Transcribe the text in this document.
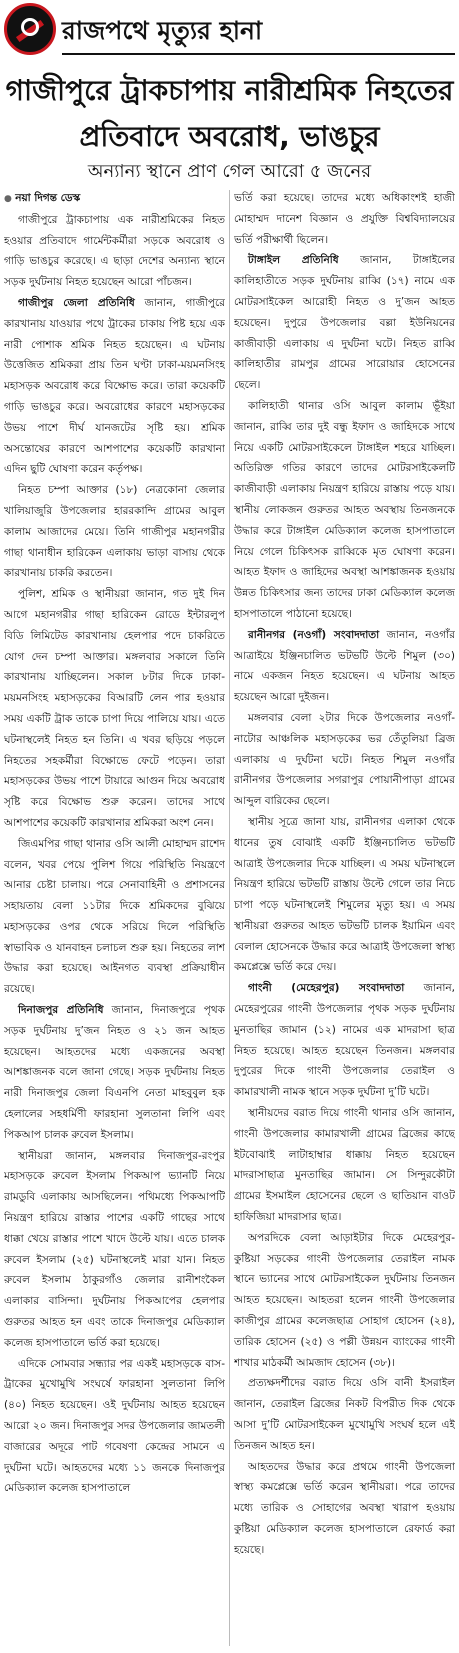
রাজপথে মৃত্যুর হানা
গাজীপুরে ট্রাকচাপায় নারীশ্রমিক নিহতের
প্রতিবাদে অবরোধ, ভাঙচুর
অন্যান্য স্থানে প্রাণ গেল আরো ৫ জনের

● নয়া দিগন্ত ডেস্ক

গাজীপুরে ট্রাকচাপায় এক নারীশ্রমিকের নিহত হওয়ার প্রতিবাদে গার্মেন্টকর্মীরা সড়কে অবরোধ ও গাড়ি ভাঙচুর করেছে। এ ছাড়া দেশের অন্যান্য স্থানে সড়ক দুর্ঘটনায় নিহত হয়েছেন আরো পাঁচজন।

গাজীপুর জেলা প্রতিনিধি জানান, গাজীপুরে কারখানায় যাওয়ার পথে ট্রাকের চাকায় পিষ্ট হয়ে এক নারী পোশাক শ্রমিক নিহত হয়েছেন। এ ঘটনায় উত্তেজিত শ্রমিকরা প্রায় তিন ঘণ্টা ঢাকা-ময়মনসিংহ মহাসড়ক অবরোধ করে বিক্ষোভ করে। তারা কয়েকটি গাড়ি ভাঙচুর করে। অবরোধের কারণে মহাসড়কের উভয় পাশে দীর্ঘ যানজটের সৃষ্টি হয়। শ্রমিক অসন্তোষের কারণে আশপাশের কয়েকটি কারখানা এদিন ছুটি ঘোষণা করেন কর্তৃপক্ষ।

নিহত চম্পা আক্তার (১৮) নেত্রকোনা জেলার খালিয়াজুরি উপজেলার হাররকান্দি গ্রামের আবুল কালাম আজাদের মেয়ে। তিনি গাজীপুর মহানগরীর গাছা থানাধীন হারিকেন এলাকায় ভাড়া বাসায় থেকে কারখানায় চাকরি করতেন।

পুলিশ, শ্রমিক ও স্থানীয়রা জানান, গত দুই দিন আগে মহানগরীর গাছা হারিকেন রোডে ইন্টারলুপ বিডি লিমিটেড কারখানায় হেলপার পদে চাকরিতে যোগ দেন চম্পা আক্তার। মঙ্গলবার সকালে তিনি কারখানায় যাচ্ছিলেন। সকাল ৮টার দিকে ঢাকা-ময়মনসিংহ মহাসড়কের বিআরটি লেন পার হওয়ার সময় একটি ট্রাক তাকে চাপা দিয়ে পালিয়ে যায়। এতে ঘটনাস্থলেই নিহত হন তিনি। এ খবর ছড়িয়ে পড়লে নিহতের সহকর্মীরা বিক্ষোভে ফেটে পড়েন। তারা মহাসড়কের উভয় পাশে টায়ারে আগুন দিয়ে অবরোধ সৃষ্টি করে বিক্ষোভ শুরু করেন। তাদের সাথে আশপাশের কয়েকটি কারখানার শ্রমিকরা অংশ নেন।

জিএমপির গাছা থানার ওসি আলী মোহাম্মদ রাশেদ বলেন, খবর পেয়ে পুলিশ গিয়ে পরিস্থিতি নিয়ন্ত্রণে আনার চেষ্টা চালায়। পরে সেনাবাহিনী ও প্রশাসনের সহায়তায় বেলা ১১টার দিকে শ্রমিকদের বুঝিয়ে মহাসড়কের ওপর থেকে সরিয়ে দিলে পরিস্থিতি স্বাভাবিক ও যানবাহন চলাচল শুরু হয়। নিহতের লাশ উদ্ধার করা হয়েছে। আইনগত ব্যবস্থা প্রক্রিয়াধীন রয়েছে।

দিনাজপুর প্রতিনিধি জানান, দিনাজপুরে পৃথক সড়ক দুর্ঘটনায় দু’জন নিহত ও ২১ জন আহত হয়েছেন। আহতদের মধ্যে একজনের অবস্থা আশঙ্কাজনক বলে জানা গেছে। সড়ক দুর্ঘটনায় নিহত নারী দিনাজপুর জেলা বিএনপি নেতা মাহবুবুল হক হেলালের সহধর্মিণী ফারহানা সুলতানা লিপি এবং পিকআপ চালক রুবেল ইসলাম।

স্থানীয়রা জানান, মঙ্গলবার দিনাজপুর-রংপুর মহাসড়কে রুবেল ইসলাম পিকআপ ভ্যানটি নিয়ে রামডুবি এলাকায় আসছিলেন। পথিমধ্যে পিকআপটি নিয়ন্ত্রণ হারিয়ে রাস্তার পাশের একটি গাছের সাথে ধাক্কা খেয়ে রাস্তার পাশে খাদে উল্টে যায়। এতে চালক রুবেল ইসলাম (২৫) ঘটনাস্থলেই মারা যান। নিহত রুবেল ইসলাম ঠাকুরগাঁও জেলার রানীশংকৈল এলাকার বাসিন্দা। দুর্ঘটনায় পিকআপের হেলপার গুরুতর আহত হন এবং তাকে দিনাজপুর মেডিক্যাল কলেজ হাসপাতালে ভর্তি করা হয়েছে।

এদিকে সোমবার সন্ধ্যার পর একই মহাসড়কে বাস-ট্রাকের মুখোমুখি সংঘর্ষে ফারহানা সুলতানা লিপি (৪০) নিহত হয়েছেন। ওই দুর্ঘটনায় আহত হয়েছেন আরো ২০ জন। দিনাজপুর সদর উপজেলার জামতলী বাজারের অদূরে পাট গবেষণা কেন্দ্রের সামনে এ দুর্ঘটনা ঘটে। আহতদের মধ্যে ১১ জনকে দিনাজপুর মেডিক্যাল কলেজ হাসপাতালে

ভর্তি করা হয়েছে। তাদের মধ্যে অধিকাংশই হাজী মোহাম্মদ দানেশ বিজ্ঞান ও প্রযুক্তি বিশ্ববিদ্যালয়ের ভর্তি পরীক্ষার্থী ছিলেন।

টাঙ্গাইল প্রতিনিধি জানান, টাঙ্গাইলের কালিহাতীতে সড়ক দুর্ঘটনায় রাব্বি (১৭) নামে এক মোটরসাইকেল আরোহী নিহত ও দু’জন আহত হয়েছেন। দুপুরে উপজেলার বল্লা ইউনিয়নের কাজীবাড়ী এলাকায় এ দুর্ঘটনা ঘটে। নিহত রাব্বি কালিহাতীর রামপুর গ্রামের সারোয়ার হোসেনের ছেলে।

কালিহাতী থানার ওসি আবুল কালাম ভূঁইয়া জানান, রাব্বি তার দুই বন্ধু ইফাদ ও জাহিদকে সাথে নিয়ে একটি মোটরসাইকেলে টাঙ্গাইল শহরে যাচ্ছিল। অতিরিক্ত গতির কারণে তাদের মোটরসাইকেলটি কাজীবাড়ী এলাকায় নিয়ন্ত্রণ হারিয়ে রাস্তায় পড়ে যায়। স্থানীয় লোকজন গুরুতর আহত অবস্থায় তিনজনকে উদ্ধার করে টাঙ্গাইল মেডিক্যাল কলেজ হাসপাতালে নিয়ে গেলে চিকিৎসক রাব্বিকে মৃত ঘোষণা করেন। আহত ইফাদ ও জাহিদের অবস্থা আশঙ্কাজনক হওয়ায় উন্নত চিকিৎসার জন্য তাদের ঢাকা মেডিক্যাল কলেজ হাসপাতালে পাঠানো হয়েছে।

রানীনগর (নওগাঁ) সংবাদদাতা জানান, নওগাঁর আত্রাইয়ে ইঞ্জিনচালিত ভটভটি উল্টে শিমুল (৩০) নামে একজন নিহত হয়েছেন। এ ঘটনায় আহত হয়েছেন আরো দুইজন।

মঙ্গলবার বেলা ২টার দিকে উপজেলার নওগাঁ-নাটোর আঞ্চলিক মহাসড়কের ভর তেঁতুলিয়া ব্রিজ এলাকায় এ দুর্ঘটনা ঘটে। নিহত শিমুল নওগাঁর রানীনগর উপজেলার সগরাপুর পোয়ানীপাড়া গ্রামের আব্দুল বারিকের ছেলে।

স্থানীয় সূত্রে জানা যায়, রানীনগর এলাকা থেকে ধানের তুষ বোঝাই একটি ইঞ্জিনচালিত ভটভটি আত্রাই উপজেলার দিকে যাচ্ছিল। এ সময় ঘটনাস্থলে নিয়ন্ত্রণ হারিয়ে ভটভটি রাস্তায় উল্টে গেলে তার নিচে চাপা পড়ে ঘটনাস্থলেই শিমুলের মৃত্যু হয়। এ সময় স্থানীয়রা গুরুতর আহত ভটভটি চালক ইয়ামিন এবং বেলাল হোসেনকে উদ্ধার করে আত্রাই উপজেলা স্বাস্থ্য কমপ্লেক্সে ভর্তি করে দেয়।

গাংনী (মেহেরপুর) সংবাদদাতা জানান, মেহেরপুরের গাংনী উপজেলার পৃথক সড়ক দুর্ঘটনায় মুনতাছির জামান (১২) নামের এক মাদরাসা ছাত্র নিহত হয়েছে। আহত হয়েছেন তিনজন। মঙ্গলবার দুপুরের দিকে গাংনী উপজেলার তেরাইল ও কামারখালী নামক স্থানে সড়ক দুর্ঘটনা দু’টি ঘটে।

স্থানীয়দের বরাত দিয়ে গাংনী থানার ওসি জানান, গাংনী উপজেলার কামারখালী গ্রামের ব্রিজের কাছে ইটবোঝাই লাটাহাম্বার ধাক্কায় নিহত হয়েছেন মাদরাসাছাত্র মুনতাছির জামান। সে সিন্দুরকৌটা গ্রামের ইসমাইল হোসেনের ছেলে ও ছাতিয়ান বাওট হাফিজিয়া মাদরাসার ছাত্র।

অপরদিকে বেলা আড়াইটার দিকে মেহেরপুর-কুষ্টিয়া সড়কের গাংনী উপজেলার তেরাইল নামক স্থানে ভ্যানের সাথে মোটরসাইকেল দুর্ঘটনায় তিনজন আহত হয়েছেন। আহতরা হলেন গাংনী উপজেলার কাজীপুর গ্রামের কলেজছাত্র সোহাগ হোসেন (২৪), তারিক হোসেন (২৫) ও পল্লী উন্নয়ন ব্যাংকের গাংনী শাখার মাঠকর্মী আমজাদ হোসেন (৩৮)।

প্রত্যক্ষদর্শীদের বরাত দিয়ে ওসি বানী ইসরাইল জানান, তেরাইল ব্রিজের নিকট বিপরীত দিক থেকে আসা দু’টি মোটরসাইকেল মুখোমুখি সংঘর্ষ হলে এই তিনজন আহত হন।

আহতদের উদ্ধার করে প্রথমে গাংনী উপজেলা স্বাস্থ্য কমপ্লেক্সে ভর্তি করেন স্থানীয়রা। পরে তাদের মধ্যে তারিক ও সোহাগের অবস্থা খারাপ হওয়ায় কুষ্টিয়া মেডিক্যাল কলেজ হাসপাতালে রেফার্ড করা হয়েছে।
